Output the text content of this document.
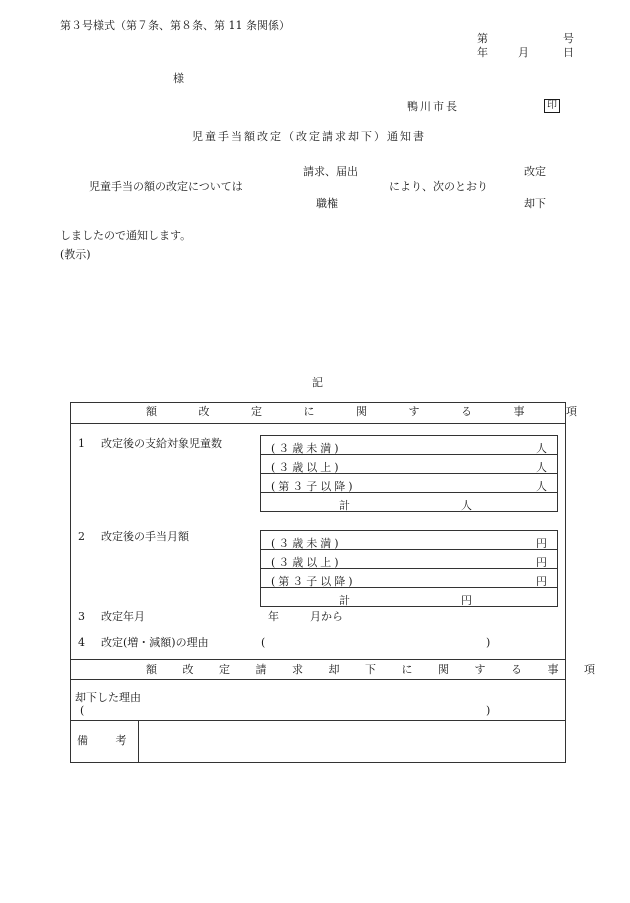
第３号様式（第７条、第８条、第 11 条関係）
第	号
年	月	日
様
鴨川市長	印
児童手当額改定（改定請求却下）通知書
請求、届出	改定
児童手当の額の改定については	により、次のとおり
職権	却下
しましたので通知します。
(教示)
記
額 改 定 に 関 す る 事 項
1 改定後の支給対象児童数	(３歳未満)	人
(３歳以上)	人
(第３子以降)	人
計	人
2 改定後の手当月額
(３歳未満)	円
(３歳以上)	円
(第３子以降)	円
計	円
3 改定年月	年	月から
4 改定(増・減額)の理由	(	)
額 改 定 請 求 却 下 に 関 す る 事 項
却下した理由
(	)
備 考
